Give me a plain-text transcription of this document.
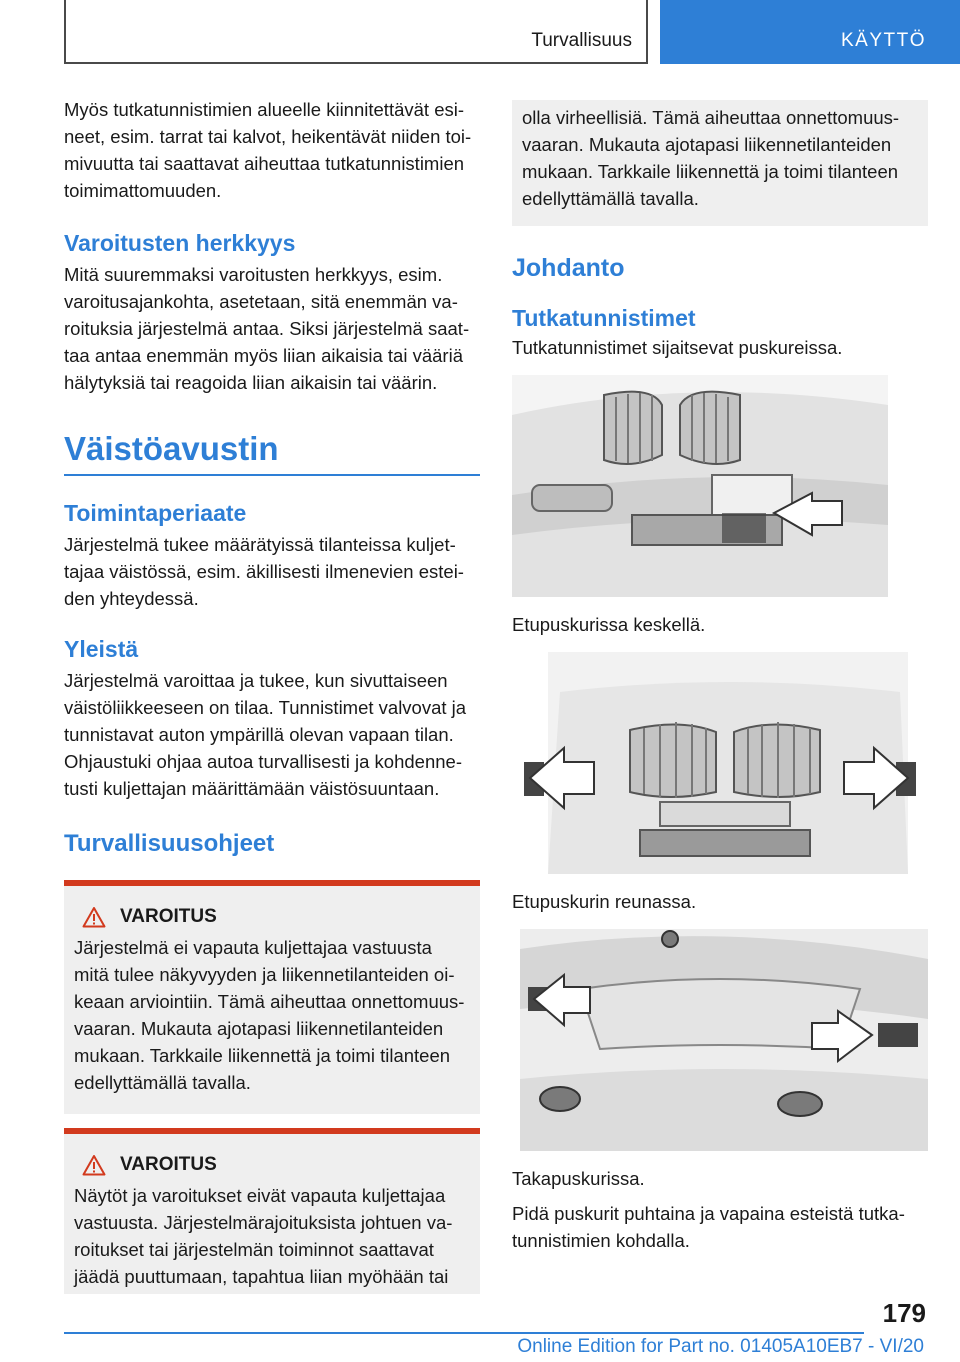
Turvallisuus	KÄYTTÖ

Myös tutkatunnistimien alueelle kiinnitettävät esi-neet, esim. tarrat tai kalvot, heikentävät niiden toi-mivuutta tai saattavat aiheuttaa tutkatunnistimien toimimattomuuden.

Varoitusten herkkyys

Mitä suuremmaksi varoitusten herkkyys, esim. varoitusajankohta, asetetaan, sitä enemmän va-roituksia järjestelmä antaa. Siksi järjestelmä saat-taa antaa enemmän myös liian aikaisia tai vääriä hälytyksiä tai reagoida liian aikaisin tai väärin.

Väistöavustin
Toimintaperiaate

Järjestelmä tukee määrätyissä tilanteissa kuljet-tajaa väistössä, esim. äkillisesti ilmenevien estei-den yhteydessä.

Yleistä

Järjestelmä varoittaa ja tukee, kun sivuttaiseen väistöliikkeeseen on tilaa. Tunnistimet valvovat ja tunnistavat auton ympärillä olevan vapaan tilan. Ohjaustuki ohjaa autoa turvallisesti ja kohdenne-tusti kuljettajan määrittämään väistösuuntaan.

Turvallisuusohjeet
VAROITUS

Järjestelmä ei vapauta kuljettajaa vastuusta mitä tulee näkyvyyden ja liikennetilanteiden oi-keaan arviointiin. Tämä aiheuttaa onnettomuus-vaaran. Mukauta ajotapasi liikennetilanteiden mukaan. Tarkkaile liikennettä ja toimi tilanteen edellyttämällä tavalla.

VAROITUS

Näytöt ja varoitukset eivät vapauta kuljettajaa vastuusta. Järjestelmärajoituksista johtuen va-roitukset tai järjestelmän toiminnot saattavat jäädä puuttumaan, tapahtua liian myöhään tai

olla virheellisiä. Tämä aiheuttaa onnettomuus-vaaran. Mukauta ajotapasi liikennetilanteiden mukaan. Tarkkaile liikennettä ja toimi tilanteen edellyttämällä tavalla.

Johdanto
Tutkatunnistimet

Tutkatunnistimet sijaitsevat puskureissa.

Etupuskurissa keskellä.

Etupuskurin reunassa.

Takapuskurissa.

Pidä puskurit puhtaina ja vapaina esteistä tutka-tunnistimien kohdalla.

179
Online Edition for Part no. 01405A10EB7 - VI/20
